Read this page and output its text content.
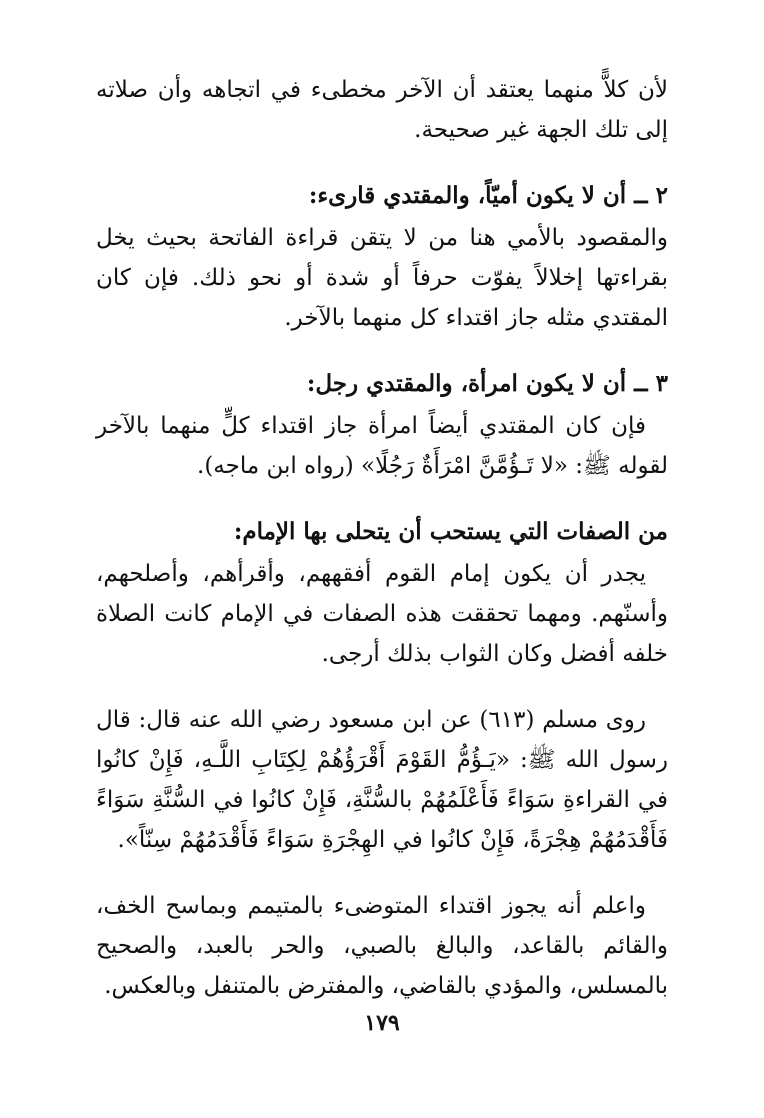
لأن كلاًّ منهما يعتقد أن الآخر مخطىء في اتجاهه وأن صلاته إلى تلك الجهة غير صحيحة.

٢ ــ أن لا يكون أميّاً، والمقتدي قارىء:

والمقصود بالأمي هنا من لا يتقن قراءة الفاتحة بحيث يخل بقراءتها إخلالاً يفوّت حرفاً أو شدة أو نحو ذلك. فإن كان المقتدي مثله جاز اقتداء كل منهما بالآخر.

٣ ــ أن لا يكون امرأة، والمقتدي رجل:

فإن كان المقتدي أيضاً امرأة جاز اقتداء كلٍّ منهما بالآخر لقوله ﷺ: «لا تَـؤُمَّنَّ امْرَأَةٌ رَجُلًا» (رواه ابن ماجه).

من الصفات التي يستحب أن يتحلى بها الإمام:

يجدر أن يكون إمام القوم أفقههم، وأقرأهم، وأصلحهم، وأسنّهم. ومهما تحققت هذه الصفات في الإمام كانت الصلاة خلفه أفضل وكان الثواب بذلك أرجى.

روى مسلم (٦١٣) عن ابن مسعود رضي الله عنه قال: قال رسول الله ﷺ: «يَـؤُمُّ القَوْمَ أَقْرَؤُهُمْ لِكِتَابِ اللَّـهِ، فَإِنْ كانُوا في القراءةِ سَوَاءً فَأَعْلَمُهُمْ بالسُّنَّةِ، فَإِنْ كانُوا في السُّنَّةِ سَوَاءً فَأَقْدَمُهُمْ هِجْرَةً، فَإِنْ كانُوا في الهِجْرَةِ سَوَاءً فَأَقْدَمُهُمْ سِنّاً».

واعلم أنه يجوز اقتداء المتوضىء بالمتيمم وبماسح الخف، والقائم بالقاعد، والبالغ بالصبي، والحر بالعبد، والصحيح بالمسلس، والمؤدي بالقاضي، والمفترض بالمتنفل وبالعكس.

١٧٩
